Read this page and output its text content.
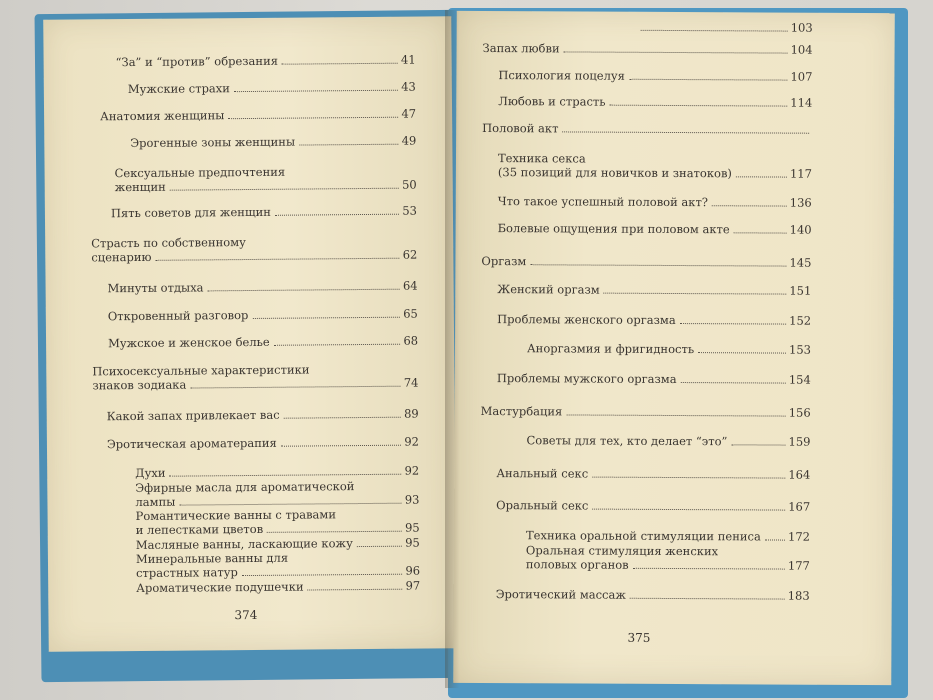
“За” и “против” обрезания	41
Мужские страхи	43
Анатомия женщины	47
Эрогенные зоны женщины	49
Сексуальные предпочтения
женщин	50
Пять советов для женщин	53
Страсть по собственному
сценарию	62
Минуты отдыха	64
Откровенный разговор	65
Мужское и женское белье	68
Психосексуальные характеристики
знаков зодиака	74
Какой запах привлекает вас	89
Эротическая ароматерапия	92
Духи	92
Эфирные масла для ароматической
лампы	93
Романтические ванны с травами
и лепестками цветов	95
Масляные ванны, ласкающие кожу	95
Минеральные ванны для
страстных натур	96
Ароматические подушечки	97
374
103
Запах любви	104
Психология поцелуя	107
Любовь и страсть	114
Половой акт
Техника секса
(35 позиций для новичков и знатоков)	117
Что такое успешный половой акт?	136
Болевые ощущения при половом акте	140
Оргазм	145
Женский оргазм	151
Проблемы женского оргазма	152
Аноргазмия и фригидность	153
Проблемы мужского оргазма	154
Мастурбация	156
Советы для тех, кто делает “это”	159
Анальный секс	164
Оральный секс	167
Техника оральной стимуляции пениса 172
Оральная стимуляция женских
половых органов	177
Эротический массаж	183
375
